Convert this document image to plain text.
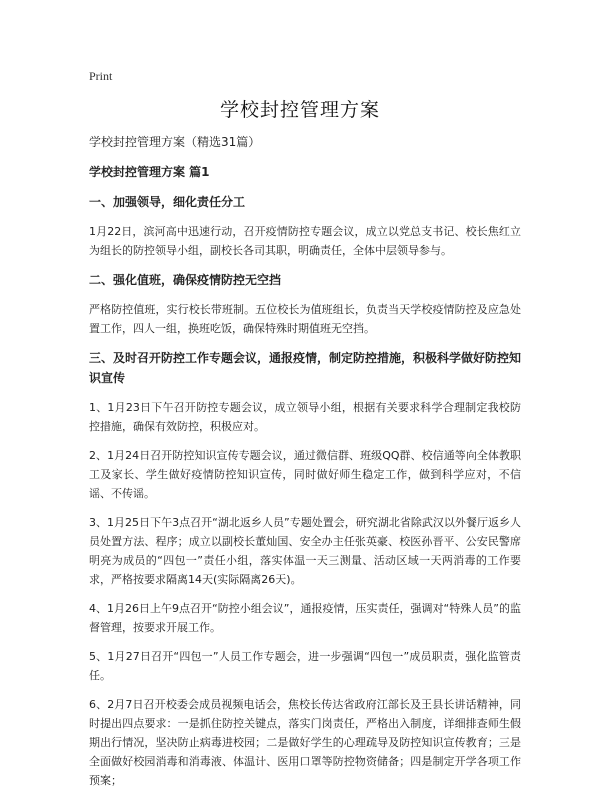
Print
学校封控管理方案
学校封控管理方案（精选31篇）
学校封控管理方案 篇1
一、加强领导，细化责任分工
1月22日，滨河高中迅速行动，召开疫情防控专题会议，成立以党总支书记、校长焦红立为组长的防控领导小组，副校长各司其职，明确责任，全体中层领导参与。
二、强化值班，确保疫情防控无空挡
严格防控值班，实行校长带班制。五位校长为值班组长，负责当天学校疫情防控及应急处置工作，四人一组，换班吃饭，确保特殊时期值班无空挡。
三、及时召开防控工作专题会议，通报疫情，制定防控措施，积极科学做好防控知识宣传
1、1月23日下午召开防控专题会议，成立领导小组，根据有关要求科学合理制定我校防控措施，确保有效防控，积极应对。
2、1月24日召开防控知识宣传专题会议，通过微信群、班级QQ群、校信通等向全体教职工及家长、学生做好疫情防控知识宣传，同时做好师生稳定工作，做到科学应对，不信谣、不传谣。
3、1月25日下午3点召开“湖北返乡人员”专题处置会，研究湖北省除武汉以外餐厅返乡人员处置方法、程序；成立以副校长董灿国、安全办主任张英豪、校医孙晋平、公安民警席明亮为成员的“四包一”责任小组，落实体温一天三测量、活动区域一天两消毒的工作要求，严格按要求隔离14天(实际隔离26天)。
4、1月26日上午9点召开“防控小组会议”，通报疫情，压实责任，强调对“特殊人员”的监督管理，按要求开展工作。
5、1月27日召开“四包一”人员工作专题会，进一步强调“四包一”成员职责，强化监管责任。
6、2月7日召开校委会成员视频电话会，焦校长传达省政府江部长及王县长讲话精神，同时提出四点要求：一是抓住防控关键点，落实门岗责任，严格出入制度，详细排查师生假期出行情况，坚决防止病毒进校园；二是做好学生的心理疏导及防控知识宣传教育；三是全面做好校园消毒和消毒液、体温计、医用口罩等防控物资储备；四是制定开学各项工作预案；
